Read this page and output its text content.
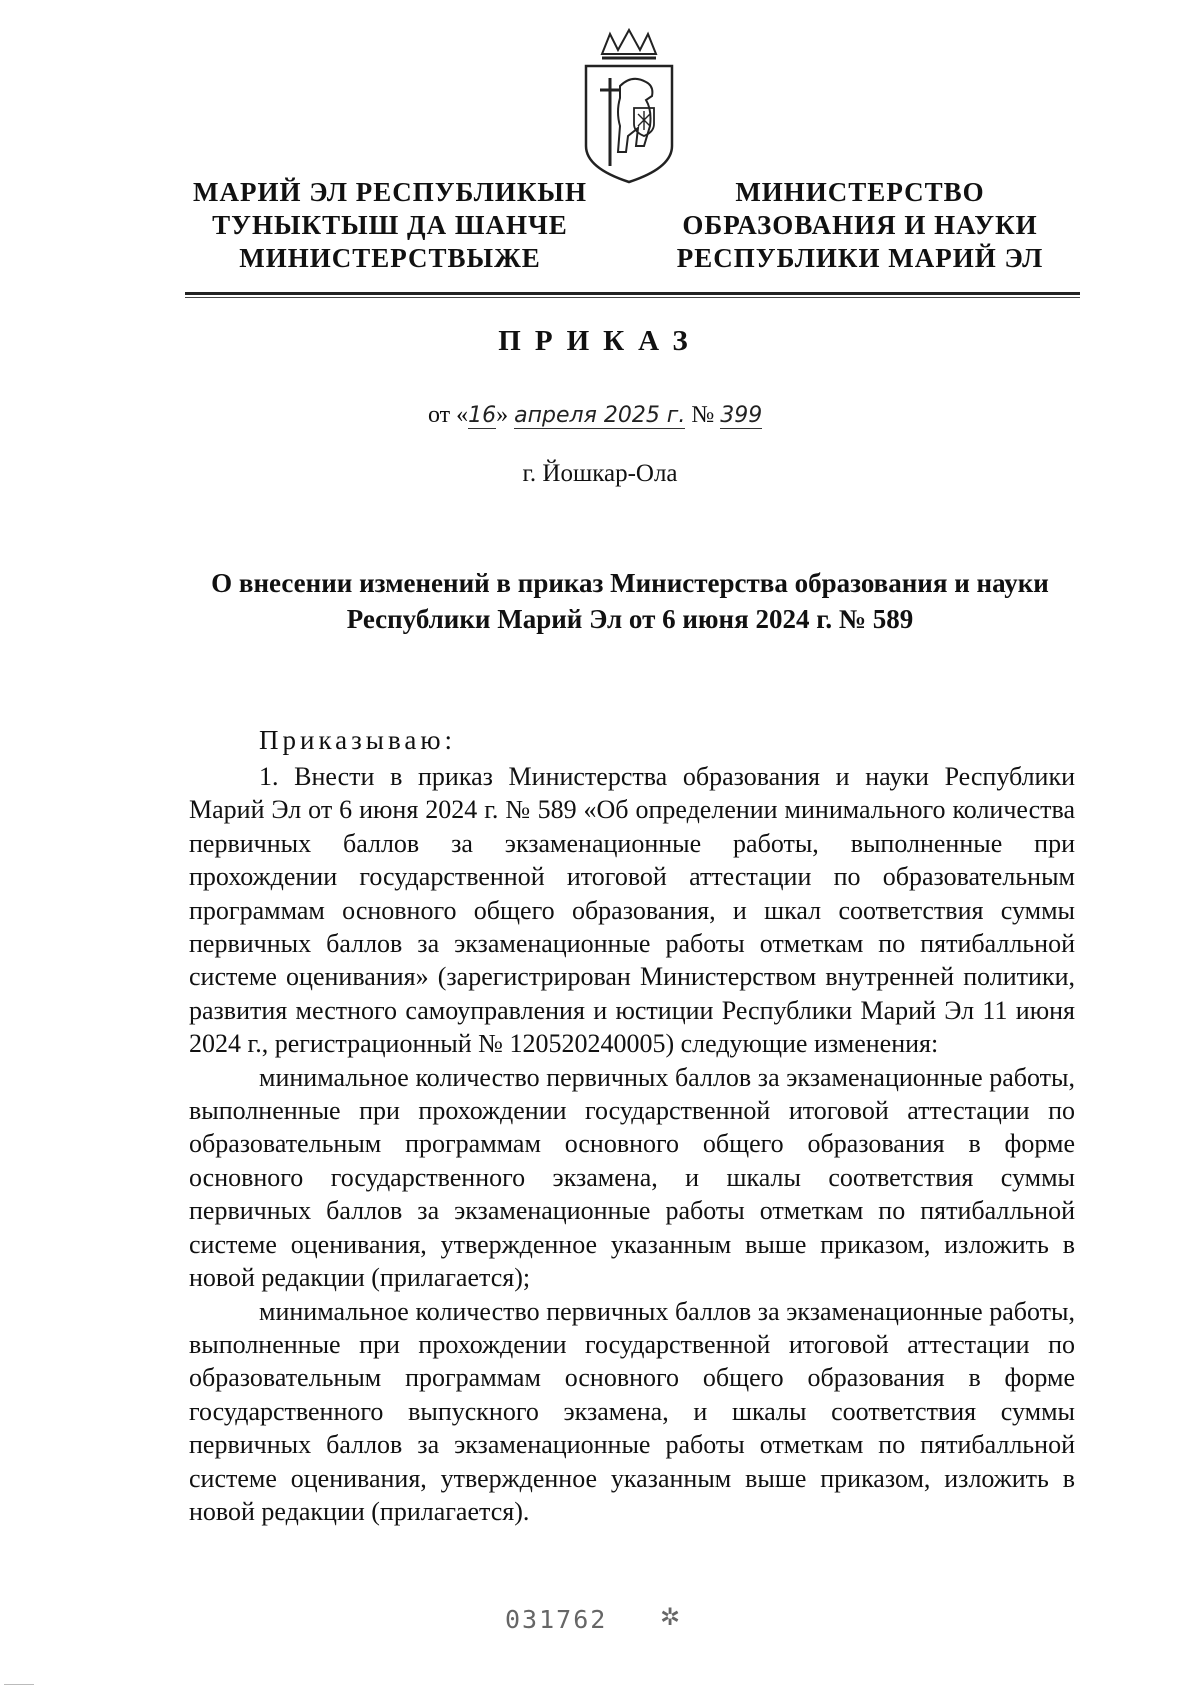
МАРИЙ ЭЛ РЕСПУБЛИКЫН
ТУНЫКТЫШ ДА ШАНЧЕ
МИНИСТЕРСТВЫЖЕ
МИНИСТЕРСТВО
ОБРАЗОВАНИЯ И НАУКИ
РЕСПУБЛИКИ МАРИЙ ЭЛ
ПРИКАЗ
от «16» апреля 2025 г. № 399
г. Йошкар-Ола
О внесении изменений в приказ Министерства образования и науки
Республики Марий Эл от 6 июня 2024 г. № 589
Приказываю:

1. Внести в приказ Министерства образования и науки Республики Марий Эл от 6 июня 2024 г. № 589 «Об определении минимального количества первичных баллов за экзаменационные работы, выполненные при прохождении государственной итоговой аттестации по образовательным программам основного общего образования, и шкал соответствия суммы первичных баллов за экзаменационные работы отметкам по пятибалльной системе оценивания» (зарегистрирован Министерством внутренней политики, развития местного самоуправления и юстиции Республики Марий Эл 11 июня 2024 г., регистрационный № 120520240005) следующие изменения:

минимальное количество первичных баллов за экзаменационные работы, выполненные при прохождении государственной итоговой аттестации по образовательным программам основного общего образования в форме основного государственного экзамена, и шкалы соответствия суммы первичных баллов за экзаменационные работы отметкам по пятибалльной системе оценивания, утвержденное указанным выше приказом, изложить в новой редакции (прилагается);

минимальное количество первичных баллов за экзаменационные работы, выполненные при прохождении государственной итоговой аттестации по образовательным программам основного общего образования в форме государственного выпускного экзамена, и шкалы соответствия суммы первичных баллов за экзаменационные работы отметкам по пятибалльной системе оценивания, утвержденное указанным выше приказом, изложить в новой редакции (прилагается).

031762 ✲
